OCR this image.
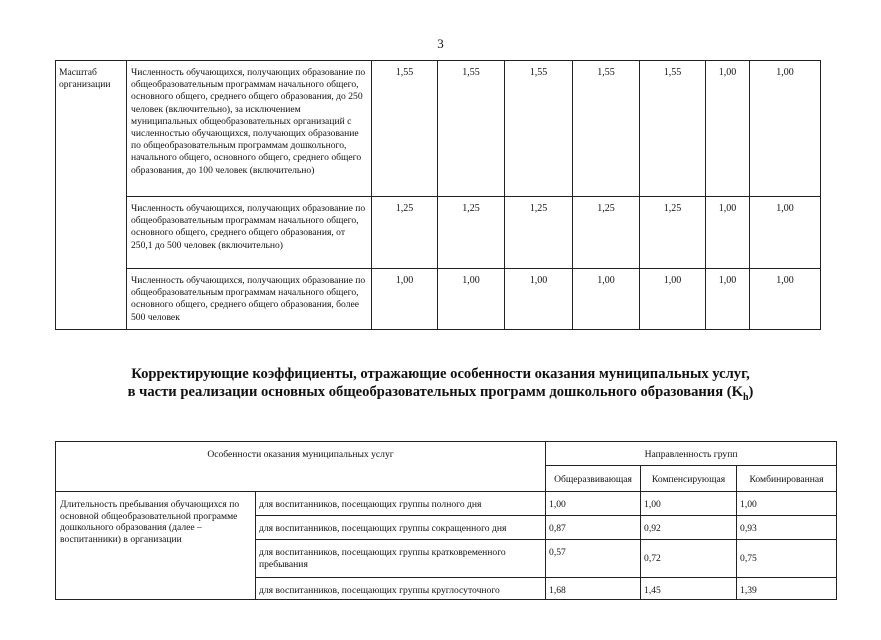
3
Масштаб организации	Численность обучающихся, получающих образование по общеобразовательным программам начального общего, основного общего, среднего общего образования, до 250 человек (включительно), за исключением муниципальных общеобразовательных организаций с численностью обучающихся, получающих образование по общеобразовательным программам дошкольного, начального общего, основного общего, среднего общего образования, до 100 человек (включительно)	1,55	1,55	1,55	1,55	1,55	1,00	1,00
	Численность обучающихся, получающих образование по общеобразовательным программам начального общего, основного общего, среднего общего образования, от 250,1 до 500 человек (включительно)	1,25	1,25	1,25	1,25	1,25	1,00	1,00
	Численность обучающихся, получающих образование по общеобразовательным программам начального общего, основного общего, среднего общего образования, более 500 человек	1,00	1,00	1,00	1,00	1,00	1,00	1,00
Корректирующие коэффициенты, отражающие особенности оказания муниципальных услуг,
в части реализации основных общеобразовательных программ дошкольного образования $(K_h)$
Особенности оказания муниципальных услуг		Направленность групп		
		Общеразвивающая	Компенсирующая	Комбинированная
Длительность пребывания обучающихся по основной общеобразовательной программе дошкольного образования (далее – воспитанники) в организации	для воспитанников, посещающих группы полного дня	1,00	1,00	1,00
	для воспитанников, посещающих группы сокращенного дня	0,87	0,92	0,93
	для воспитанников, посещающих группы кратковременного пребывания	0,57	0,72	0,75
	для воспитанников, посещающих группы круглосуточного	1,68	1,45	1,39
